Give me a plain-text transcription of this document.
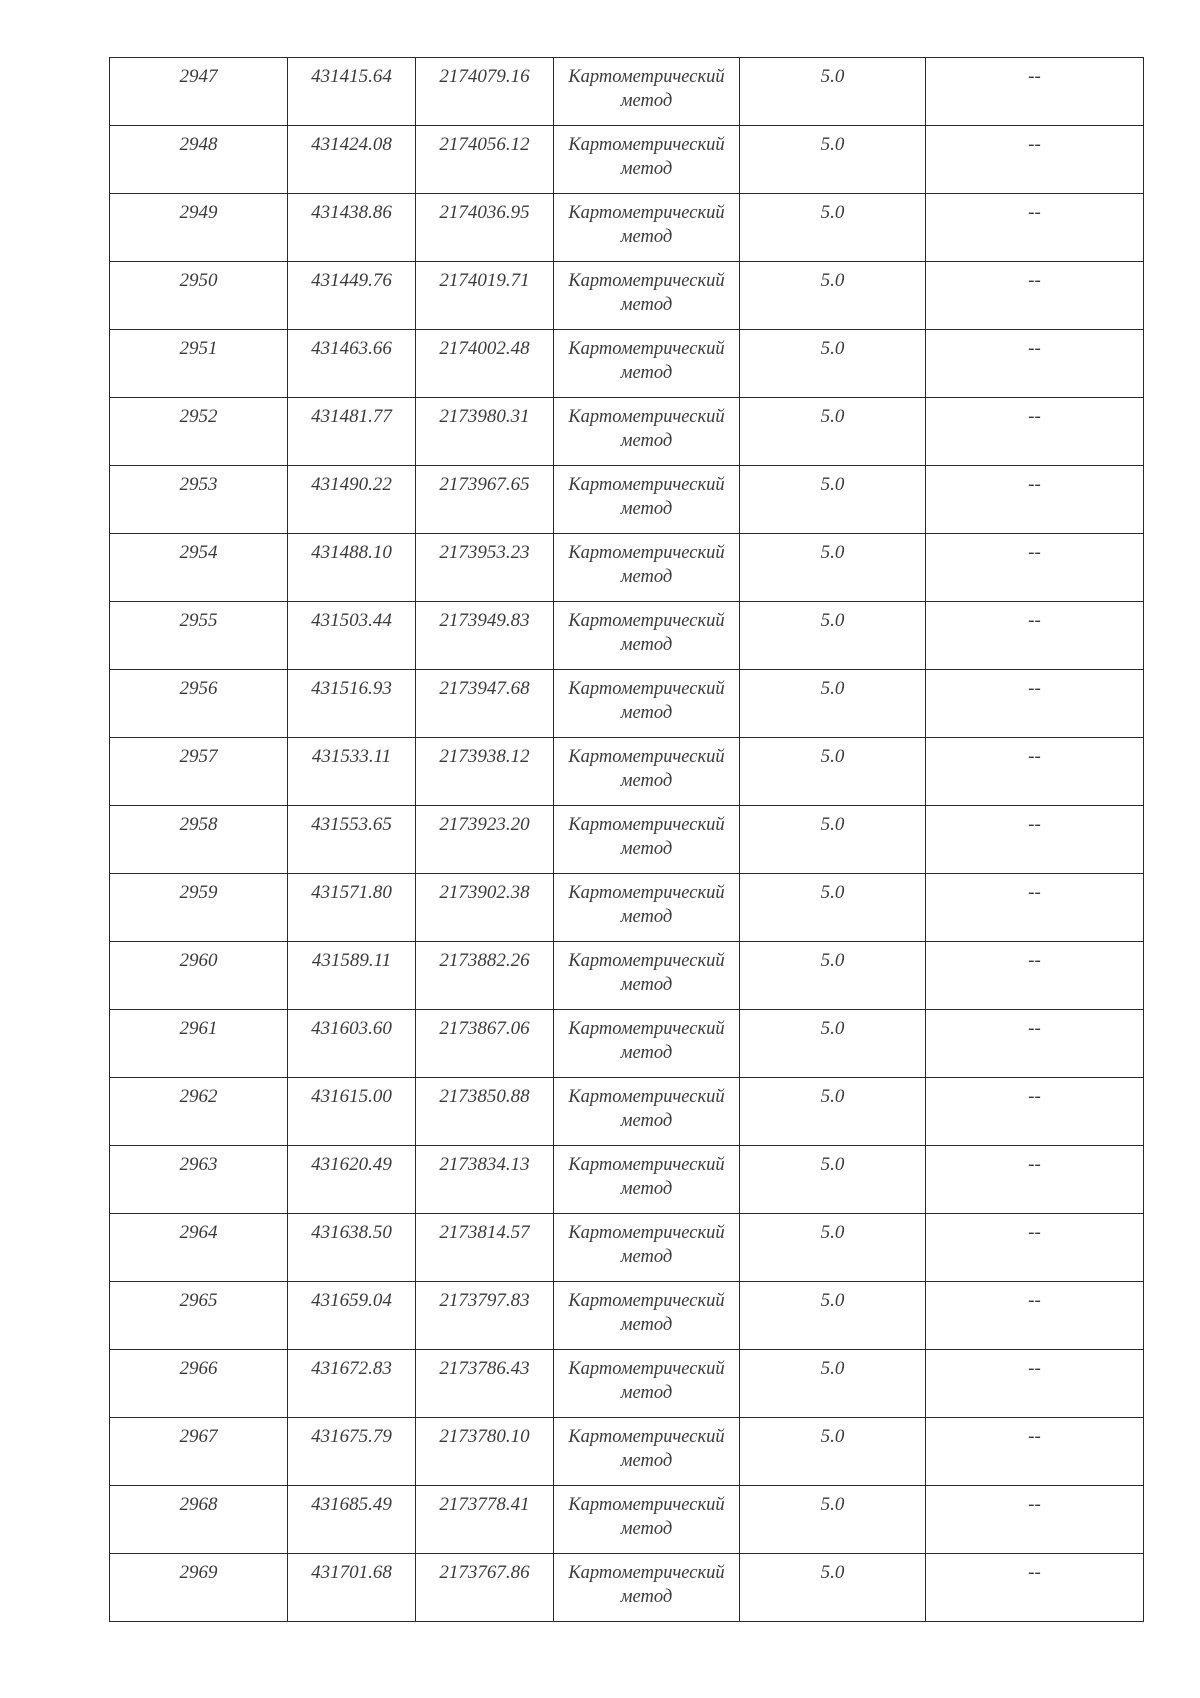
2947	431415.64	2174079.16	Картометрический
метод	5.0	--

2948	431424.08	2174056.12	Картометрический
метод	5.0	--

2949	431438.86	2174036.95	Картометрический
метод	5.0	--

2950	431449.76	2174019.71	Картометрический
метод	5.0	--

2951	431463.66	2174002.48	Картометрический
метод	5.0	--

2952	431481.77	2173980.31	Картометрический
метод	5.0	--

2953	431490.22	2173967.65	Картометрический
метод	5.0	--

2954	431488.10	2173953.23	Картометрический
метод	5.0	--

2955	431503.44	2173949.83	Картометрический
метод	5.0	--

2956	431516.93	2173947.68	Картометрический
метод	5.0	--

2957	431533.11	2173938.12	Картометрический
метод	5.0	--

2958	431553.65	2173923.20	Картометрический
метод	5.0	--

2959	431571.80	2173902.38	Картометрический
метод	5.0	--

2960	431589.11	2173882.26	Картометрический
метод	5.0	--

2961	431603.60	2173867.06	Картометрический
метод	5.0	--

2962	431615.00	2173850.88	Картометрический
метод	5.0	--

2963	431620.49	2173834.13	Картометрический
метод	5.0	--

2964	431638.50	2173814.57	Картометрический
метод	5.0	--

2965	431659.04	2173797.83	Картометрический
метод	5.0	--

2966	431672.83	2173786.43	Картометрический
метод	5.0	--

2967	431675.79	2173780.10	Картометрический
метод	5.0	--

2968	431685.49	2173778.41	Картометрический
метод	5.0	--

2969	431701.68	2173767.86	Картометрический
метод	5.0	--
